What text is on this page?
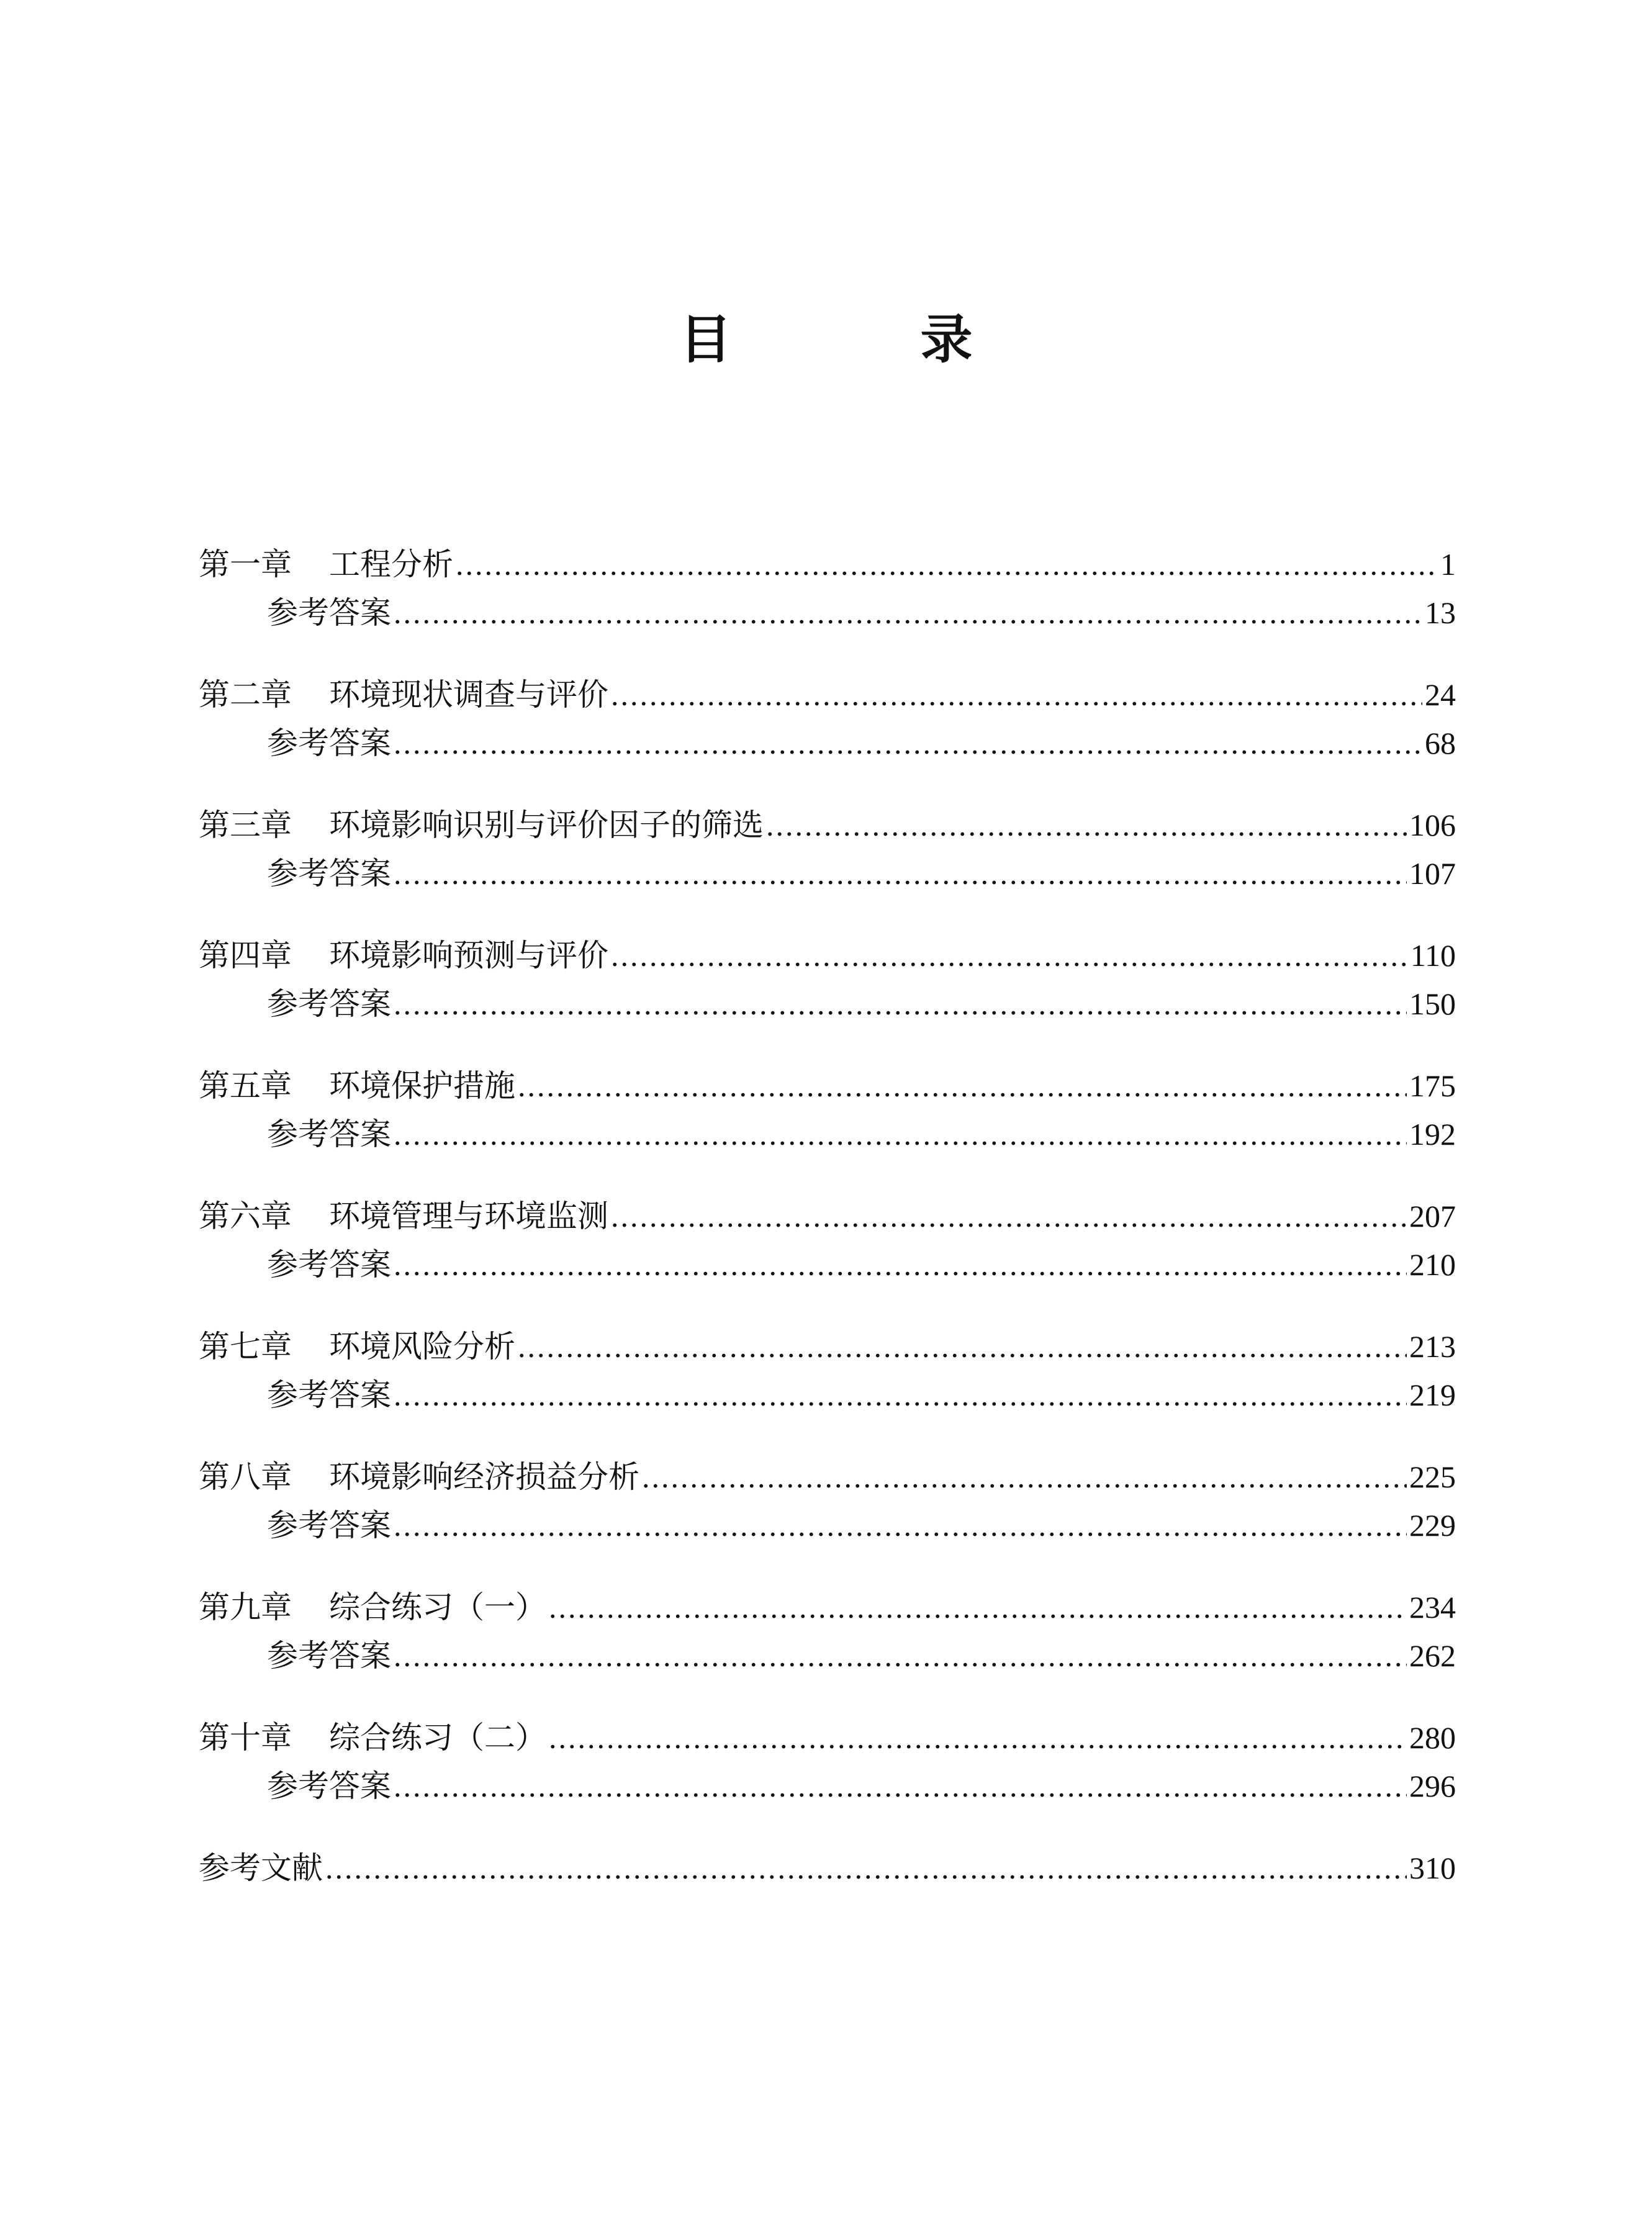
目　录
第一章 工程分析 .....	1
参考答案 .....	13
第二章 环境现状调查与评价 .....	24
参考答案 .....	68
第三章 环境影响识别与评价因子的筛选 .....	106
参考答案 .....	107
第四章 环境影响预测与评价 .....	110
参考答案 .....	150
第五章 环境保护措施 .....	175
参考答案 .....	192
第六章 环境管理与环境监测 .....	207
参考答案 .....	210
第七章 环境风险分析 .....	213
参考答案 .....	219
第八章 环境影响经济损益分析 .....	225
参考答案 .....	229
第九章 综合练习（一） .....	234
参考答案 .....	262
第十章 综合练习（二） .....	280
参考答案 .....	296
参考文献 .....	310
